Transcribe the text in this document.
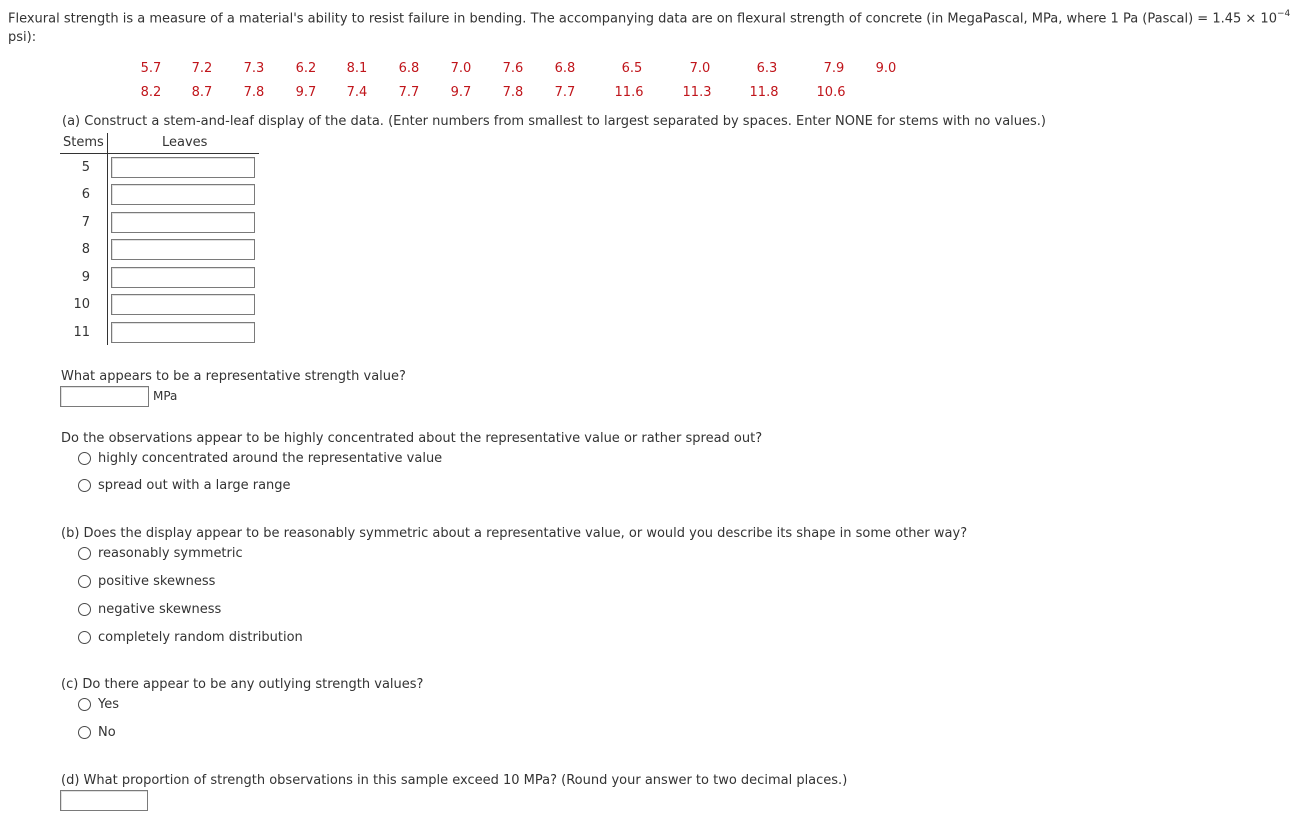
Flexural strength is a measure of a material's ability to resist failure in bending. The accompanying data are on flexural strength of concrete (in MegaPascal, MPa, where 1 Pa (Pascal) = $1.45 \times 10^{-4}$
psi):
5.7 7.2 7.3 6.2 8.1 6.8 7.0 7.6 6.8	6.5	7.0	6.3	7.9 9.0
8.2 8.7 7.8 9.7 7.4 7.7 9.7 7.8 7.7	11.6	11.3	11.8	10.6
(a) Construct a stem-and-leaf display of the data. (Enter numbers from smallest to largest separated by spaces. Enter NONE for stems with no values.)
Stems	Leaves
5
6
7
8
9
10
11
What appears to be a representative strength value?
MPa
Do the observations appear to be highly concentrated about the representative value or rather spread out?
highly concentrated around the representative value
spread out with a large range
(b) Does the display appear to be reasonably symmetric about a representative value, or would you describe its shape in some other way?
reasonably symmetric
positive skewness
negative skewness
completely random distribution
(c) Do there appear to be any outlying strength values?
Yes
No
(d) What proportion of strength observations in this sample exceed 10 MPa? (Round your answer to two decimal places.)
